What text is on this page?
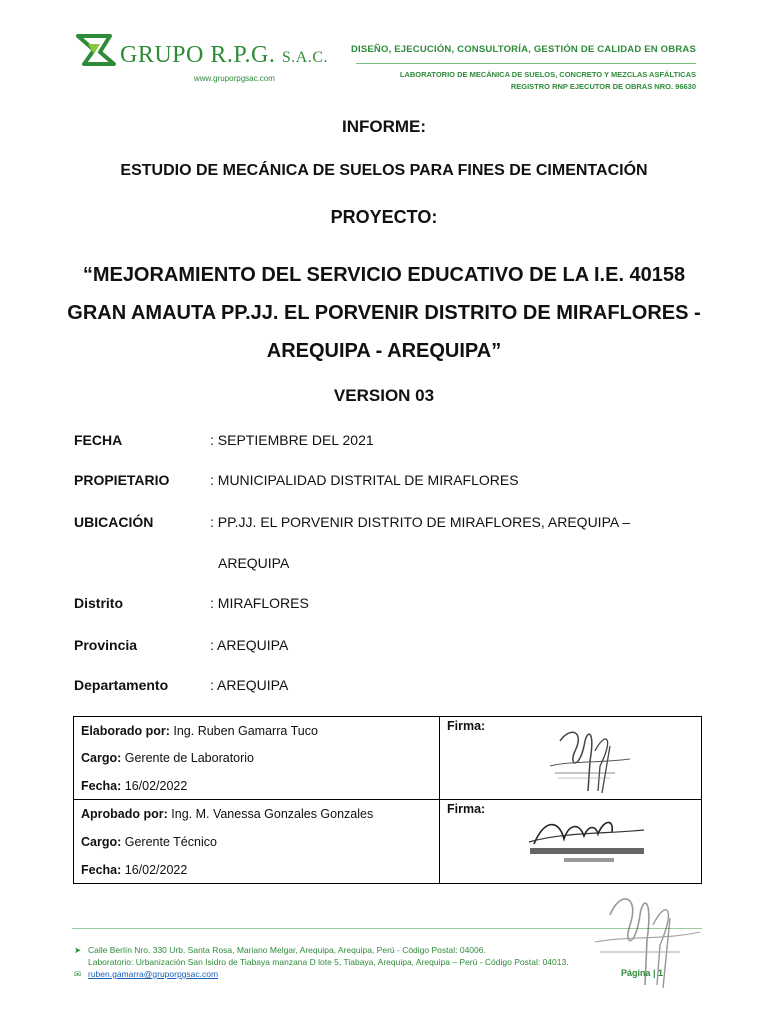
GRUPO R.P.G. S.A.C.
www.gruporpgsac.com
DISEÑO, EJECUCIÓN, CONSULTORÍA, GESTIÓN DE CALIDAD EN OBRAS
LABORATORIO DE MECÁNICA DE SUELOS, CONCRETO Y MEZCLAS ASFÁLTICAS
REGISTRO RNP EJECUTOR DE OBRAS NRO. 96630
INFORME:
ESTUDIO DE MECÁNICA DE SUELOS PARA FINES DE CIMENTACIÓN
PROYECTO:
“MEJORAMIENTO DEL SERVICIO EDUCATIVO DE LA I.E. 40158
GRAN AMAUTA PP.JJ. EL PORVENIR DISTRITO DE MIRAFLORES -
AREQUIPA - AREQUIPA”
VERSION 03
FECHA	: SEPTIEMBRE DEL 2021
PROPIETARIO	: MUNICIPALIDAD DISTRITAL DE MIRAFLORES
UBICACIÓN	: PP.JJ. EL PORVENIR DISTRITO DE MIRAFLORES, AREQUIPA –
AREQUIPA
Distrito	: MIRAFLORES
Provincia	: AREQUIPA
Departamento	: AREQUIPA
Elaborado por: Ing. Ruben Gamarra Tuco
Cargo: Gerente de Laboratorio
Fecha: 16/02/2022
Firma:
Aprobado por: Ing. M. Vanessa Gonzales Gonzales
Cargo: Gerente Técnico
Fecha: 16/02/2022
Firma:
➤ Calle Berlín Nro. 330 Urb. Santa Rosa, Mariano Melgar, Arequipa, Arequipa, Perú - Código Postal: 04006.
Laboratorio: Urbanización San Isidro de Tiabaya manzana D lote 5, Tiabaya, Arequipa, Arequipa – Perú - Código Postal: 04013.
✉ ruben.gamarra@gruporpgsac.com	Página | 1
